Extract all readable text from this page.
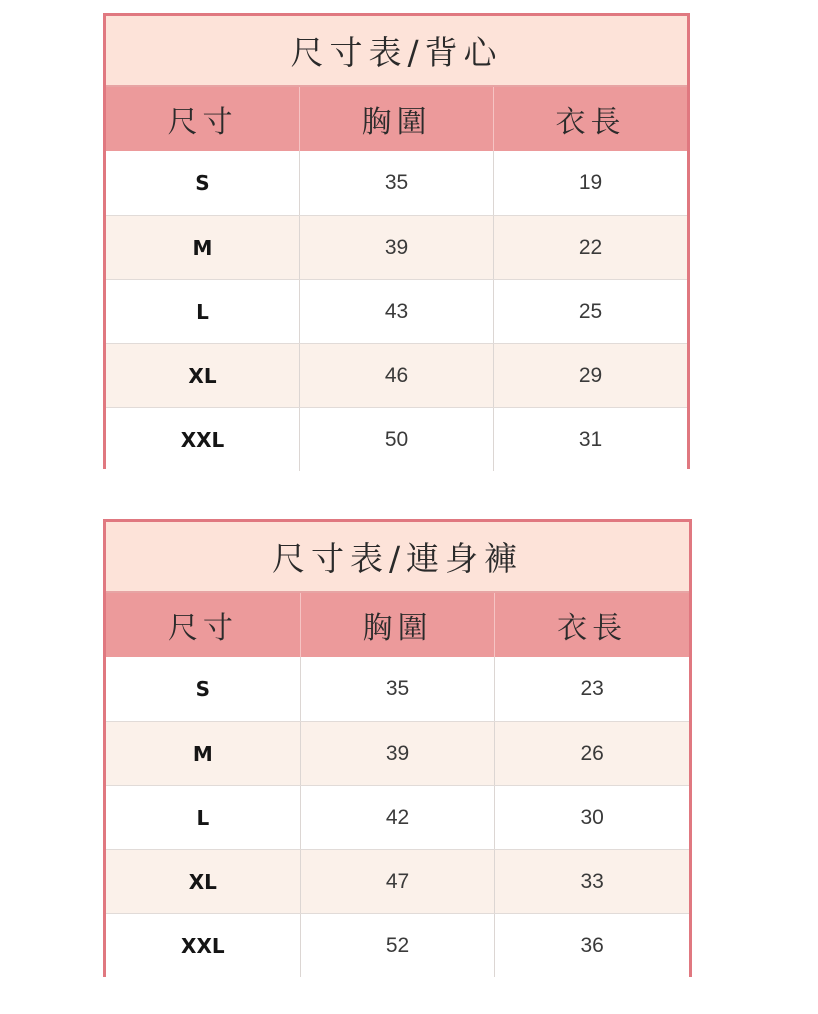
尺寸表/背心
尺寸	胸圍	衣長
S	35	19
M	39	22
L	43	25
XL	46	29
XXL	50	31
尺寸表/連身褲
尺寸	胸圍	衣長
S	35	23
M	39	26
L	42	30
XL	47	33
XXL	52	36
